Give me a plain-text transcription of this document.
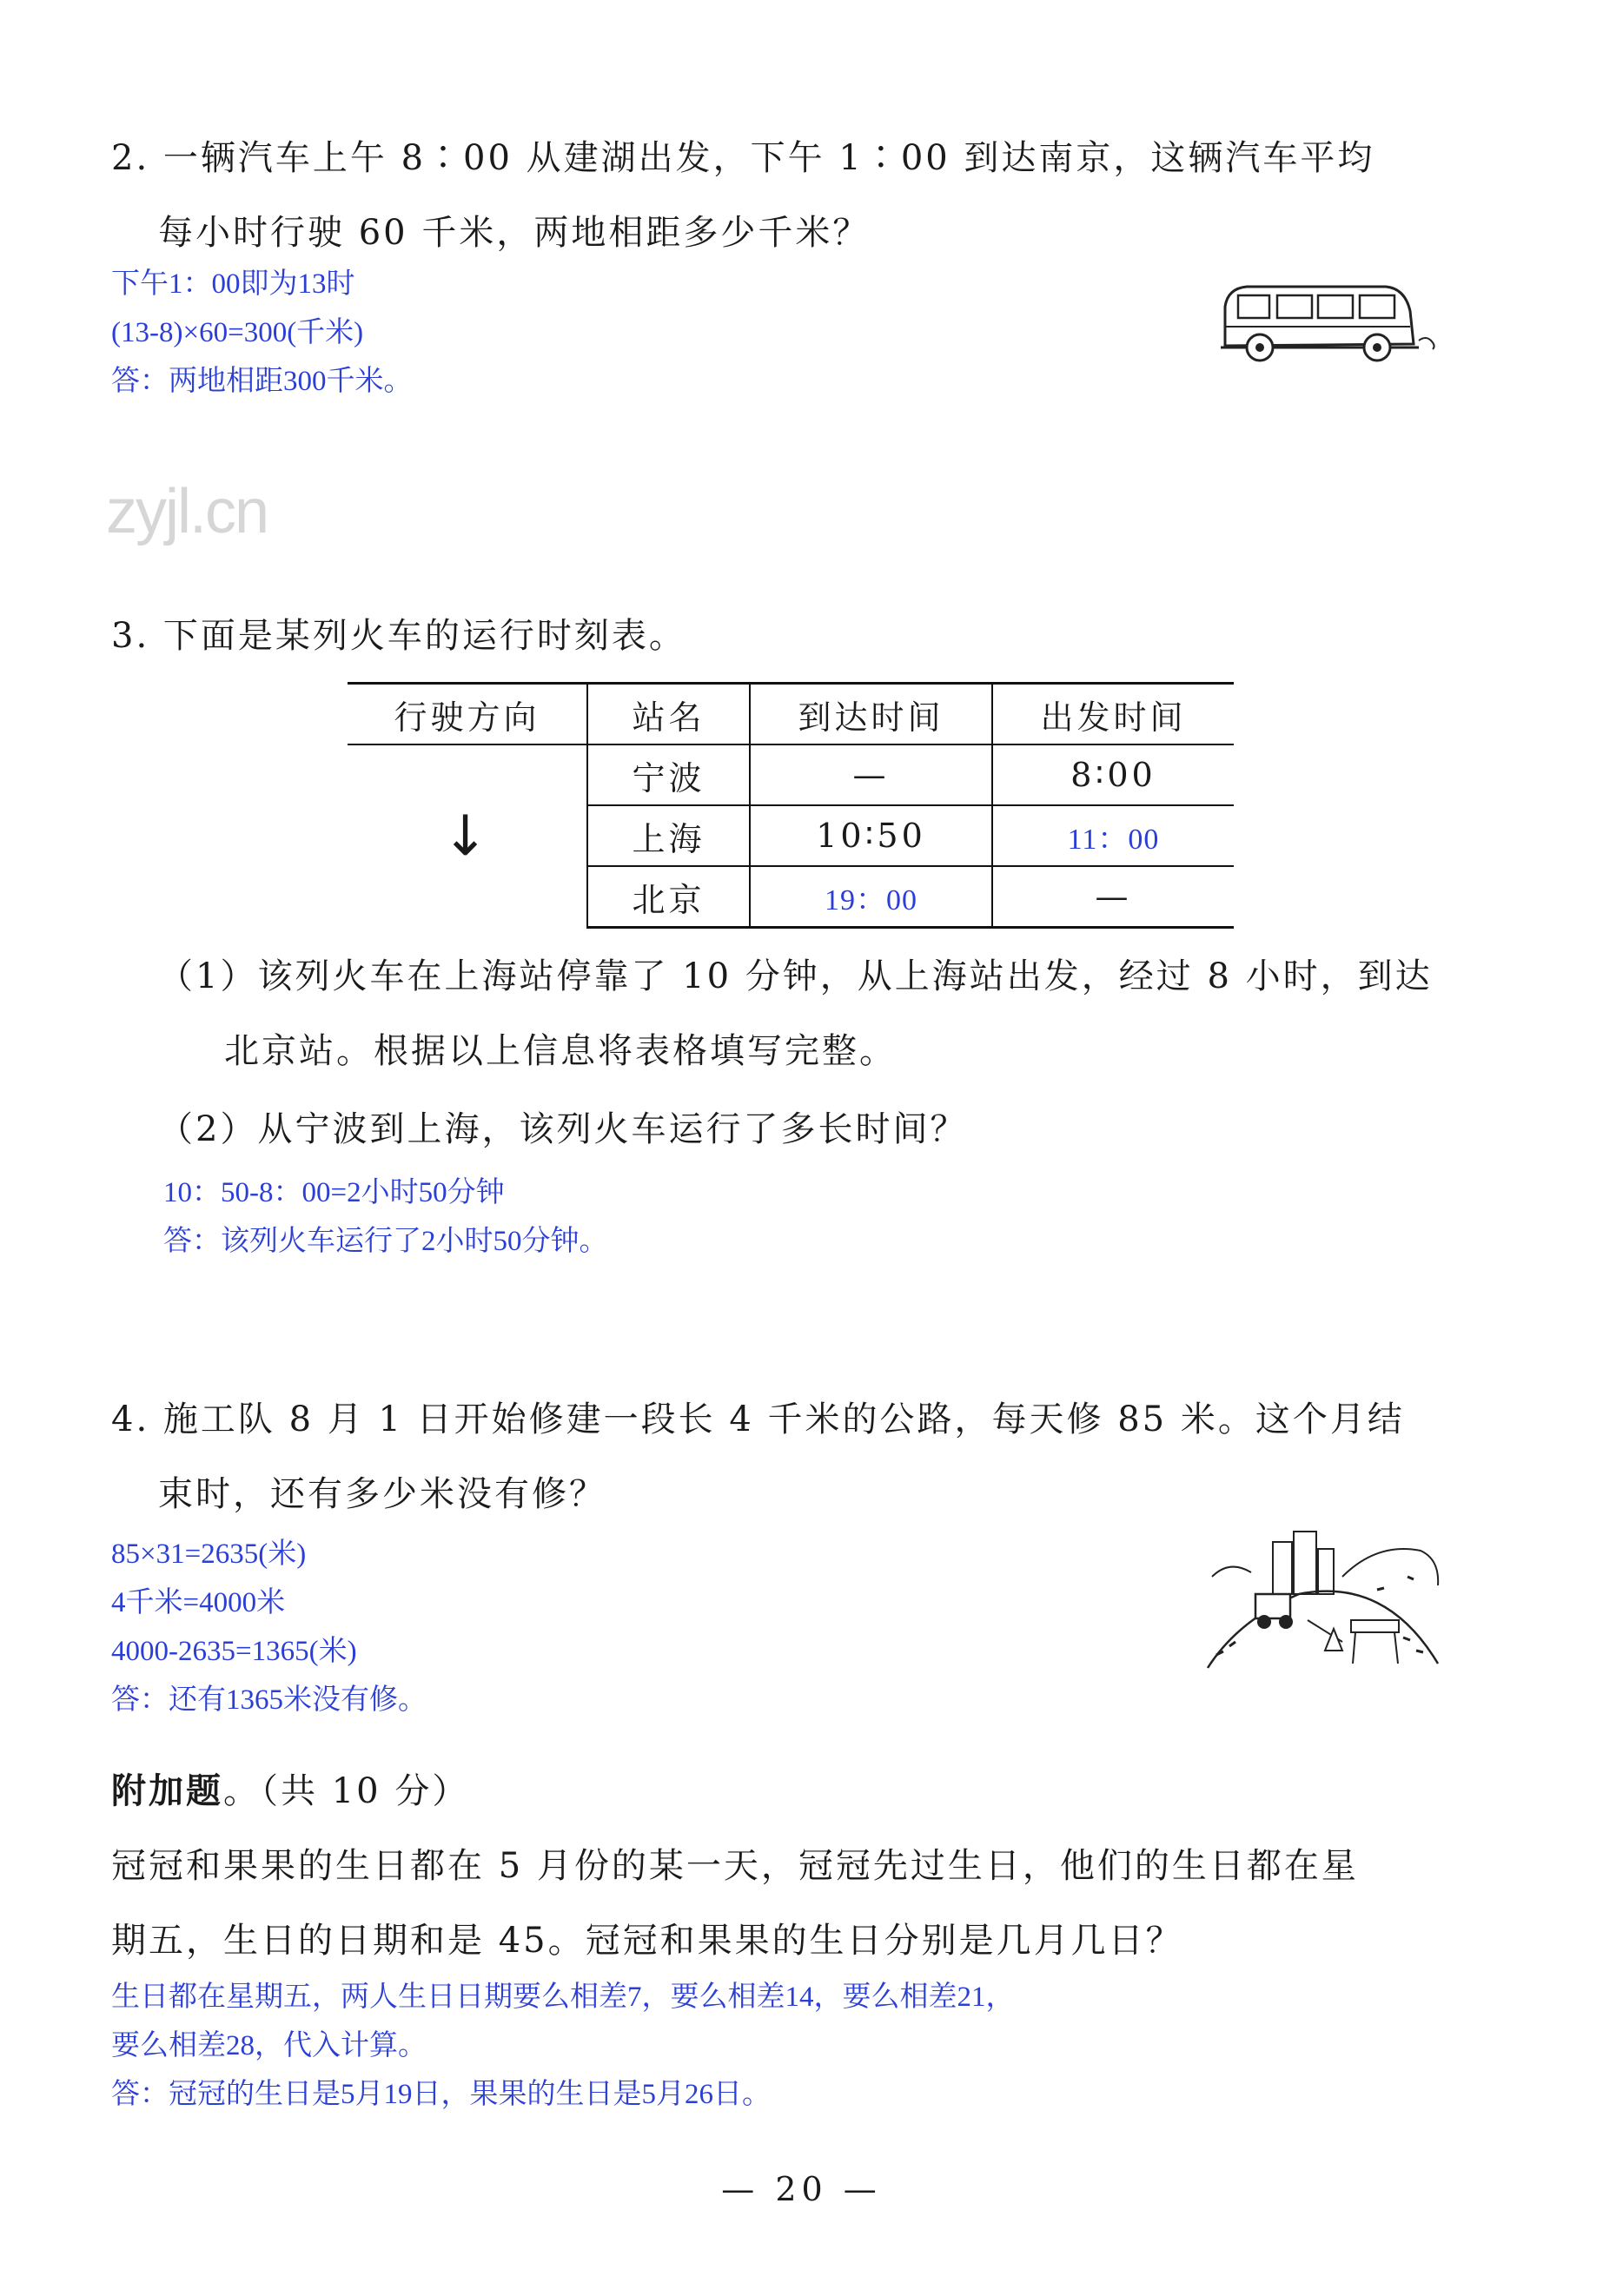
2. 一辆汽车上午 8∶00 从建湖出发，下午 1∶00 到达南京，这辆汽车平均
每小时行驶 60 千米，两地相距多少千米？
下午1：00即为13时
(13-8)×60=300(千米)
答：两地相距300千米。
zyjl.cn
3. 下面是某列火车的运行时刻表。
行驶方向	站名	到达时间	出发时间
↓	宁波	—	8∶00
	上海	10∶50	11：00
	北京	19：00	—
（1）该列火车在上海站停靠了 10 分钟，从上海站出发，经过 8 小时，到达
北京站。根据以上信息将表格填写完整。
（2）从宁波到上海，该列火车运行了多长时间？
10：50-8：00=2小时50分钟
答：该列火车运行了2小时50分钟。
4. 施工队 8 月 1 日开始修建一段长 4 千米的公路，每天修 85 米。这个月结
束时，还有多少米没有修？
85×31=2635(米)
4千米=4000米
4000-2635=1365(米)
答：还有1365米没有修。
附加题。（共 10 分）
冠冠和果果的生日都在 5 月份的某一天，冠冠先过生日，他们的生日都在星
期五，生日的日期和是 45。冠冠和果果的生日分别是几月几日？
生日都在星期五，两人生日日期要么相差7，要么相差14，要么相差21，
要么相差28，代入计算。
答：冠冠的生日是5月19日，果果的生日是5月26日。
— 20 —
